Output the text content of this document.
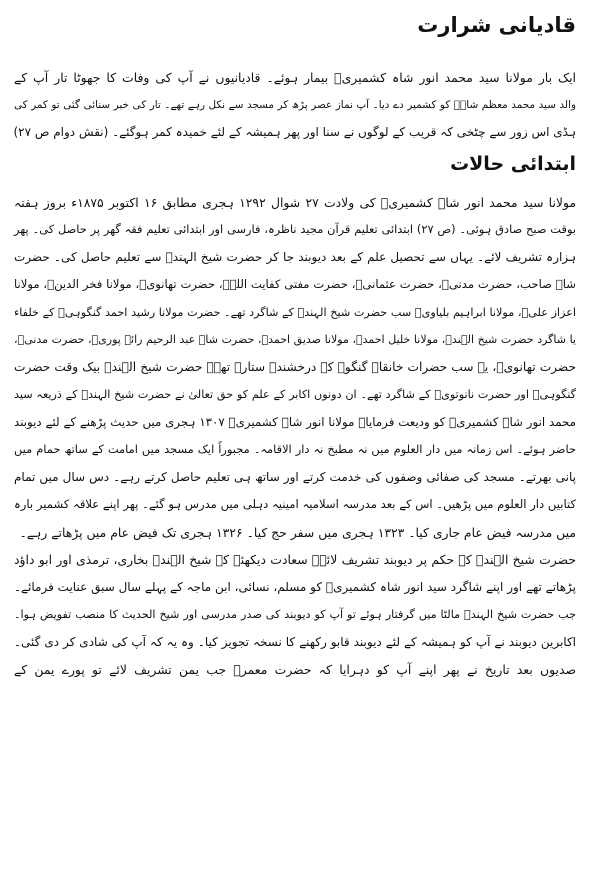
قادیانی شرارت
ایک بار مولانا سید محمد انور شاہ کشمیریؒ بیمار ہوئے۔ قادیانیوں نے آپ کی وفات کا جھوٹا تار آپ کے
والد سید محمد معظم شاہؒ کو کشمیر دے دیا۔ آپ نماز عصر پڑھ کر مسجد سے نکل رہے تھے۔ تار کی خبر سنائی گئی تو کمر کی
ہڈی اس زور سے چٹخی کہ قریب کے لوگوں نے سنا اور پھر ہمیشہ کے لئے خمیدہ کمر ہوگئے۔ (نقش دوام ص ۲۷)
ابتدائی حالات
مولانا سید محمد انور شاہ کشمیریؒ کی ولادت ۲۷ شوال ۱۲۹۲ ہجری مطابق ۱۶ اکتوبر ۱۸۷۵ء بروز ہفتہ
بوقت صبح صادق ہوئی۔ (ص ۲۷) ابتدائی تعلیم قرآن مجید ناظرہ، فارسی اور ابتدائی تعلیم فقہ گھر پر حاصل کی۔ پھر
ہزارہ تشریف لائے۔ یہاں سے تحصیل علم کے بعد دیوبند جا کر حضرت شیخ الہندؒ سے تعلیم حاصل کی۔ حضرت
شاہ صاحب، حضرت مدنیؒ، حضرت عثمانیؒ، حضرت مفتی کفایت اللہؒ، حضرت تھانویؒ، مولانا فخر الدینؒ، مولانا
اعزاز علیؒ، مولانا ابراہیم بلیاویؒ سب حضرت شیخ الہندؒ کے شاگرد تھے۔ حضرت مولانا رشید احمد گنگوہیؒ کے خلفاء
یا شاگرد حضرت شیخ الہندؒ، مولانا خلیل احمدؒ، مولانا صدیق احمدؒ، حضرت شاہ عبد الرحیم رائے پوریؒ، حضرت مدنیؒ،
حضرت تھانویؒ، یہ سب حضرات خانقاہ گنگوہ کے درخشندہ ستارے تھے۔ حضرت شیخ الہندؒ بیک وقت حضرت
گنگوہیؒ اور حضرت نانوتویؒ کے شاگرد تھے۔ ان دونوں اکابر کے علم کو حق تعالیٰ نے حضرت شیخ الہندؒ کے ذریعہ سید
محمد انور شاہ کشمیریؒ کو ودیعت فرمایا۔ مولانا انور شاہ کشمیریؒ ۱۳۰۷ ہجری میں حدیث پڑھنے کے لئے دیوبند
حاضر ہوئے۔ اس زمانہ میں دار العلوم میں نہ مطبخ نہ دار الاقامہ۔ مجبوراً ایک مسجد میں امامت کے ساتھ حمام میں
پانی بھرتے۔ مسجد کی صفائی وصفوں کی خدمت کرتے اور ساتھ ہی تعلیم حاصل کرتے رہے۔ دس سال میں تمام
کتابیں دار العلوم میں پڑھیں۔ اس کے بعد مدرسہ اسلامیہ امینیہ دہلی میں مدرس ہو گئے۔ پھر اپنے علاقہ کشمیر بارہ
میں مدرسہ فیض عام جاری کیا۔ ۱۳۲۳ ہجری میں سفر حج کیا۔ ۱۳۲۶ ہجری تک فیض عام میں پڑھاتے رہے۔
حضرت شیخ الہندؒ کے حکم پر دیوبند تشریف لائے۔ سعادت دیکھئے کہ شیخ الہندؒ بخاری، ترمذی اور ابو داؤد
پڑھاتے تھے اور اپنے شاگرد سید انور شاہ کشمیریؒ کو مسلم، نسائی، ابن ماجہ کے پہلے سال سبق عنایت فرمائے۔
جب حضرت شیخ الہندؒ مالٹا میں گرفتار ہوئے تو آپ کو دیوبند کی صدر مدرسی اور شیخ الحدیث کا منصب تفویض ہوا۔
اکابرین دیوبند نے آپ کو ہمیشہ کے لئے دیوبند قابو رکھنے کا نسخہ تجویز کیا۔ وہ یہ کہ آپ کی شادی کر دی گئی۔
صدیوں بعد تاریخ نے پھر اپنے آپ کو دہرایا کہ حضرت معمرؒ جب یمن تشریف لائے تو پورے یمن کے
